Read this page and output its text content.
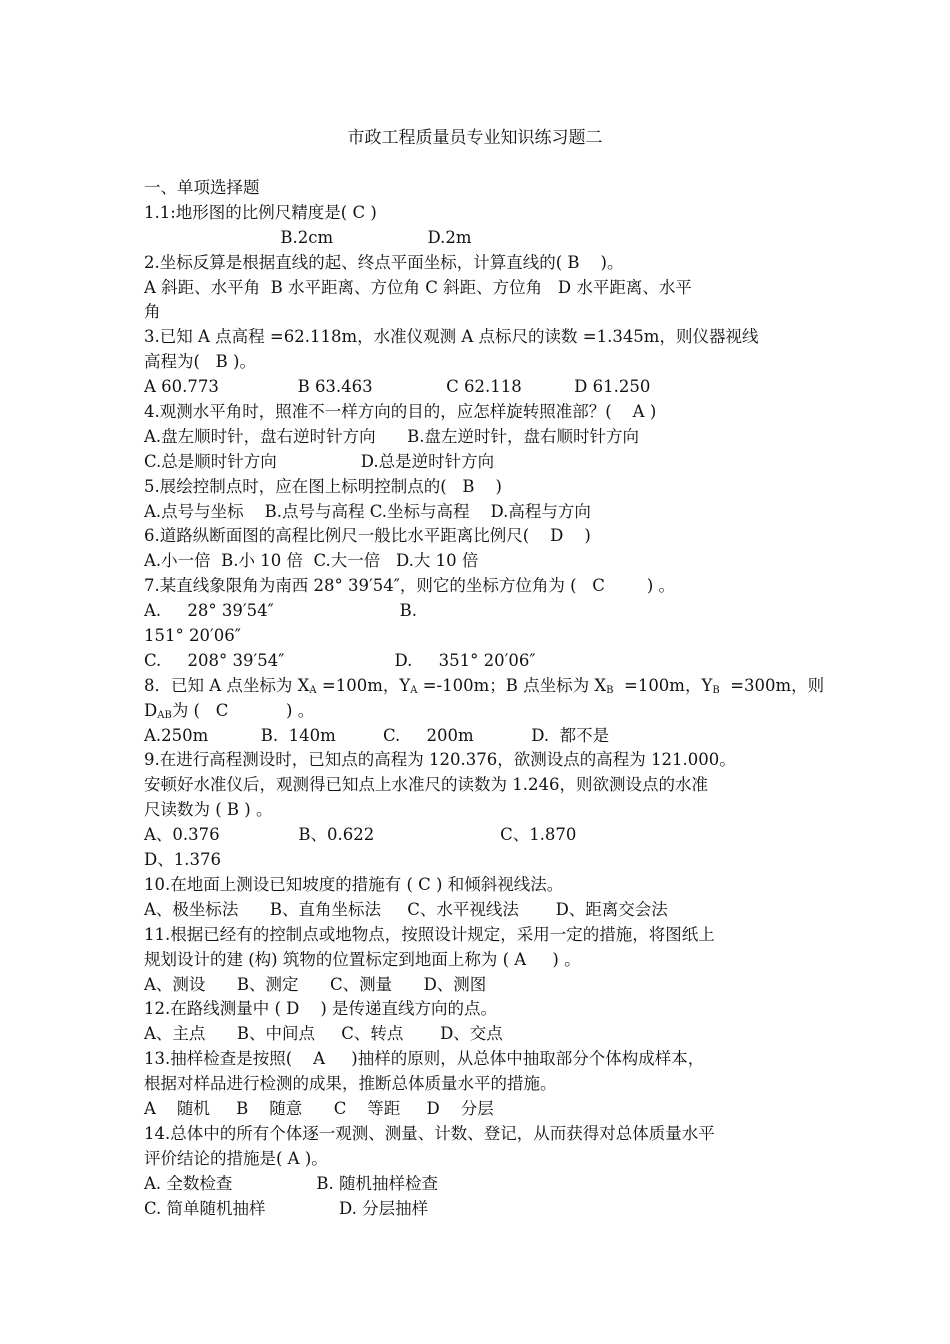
市政工程质量员专业知识练习题二
一、单项选择题
1.1:地形图的比例尺精度是( C )
B.2cm                  D.2m
2.坐标反算是根据直线的起、终点平面坐标，计算直线的( B    )。
A 斜距、水平角  B 水平距离、方位角 C 斜距、方位角   D 水平距离、水平
角
3.已知 A 点高程 =62.118m，水准仪观测 A 点标尺的读数 =1.345m，则仪器视线
高程为(   B )。
A 60.773               B 63.463              C 62.118          D 61.250
4.观测水平角时，照准不一样方向的目的，应怎样旋转照准部？(    A )
A.盘左顺时针，盘右逆时针方向      B.盘左逆时针，盘右顺时针方向
C.总是顺时针方向                D.总是逆时针方向
5.展绘控制点时，应在图上标明控制点的(   B    )
A.点号与坐标    B.点号与高程 C.坐标与高程    D.高程与方向
6.道路纵断面图的高程比例尺一般比水平距离比例尺(    D    )
A.小一倍  B.小 10 倍  C.大一倍   D.大 10 倍
7.某直线象限角为南西 28° 39′54″，则它的坐标方位角为 (   C        ) 。
A.     28° 39′54″                        B.
151° 20′06″
C.     208° 39′54″                     D.     351° 20′06″
8．已知 A 点坐标为 $X_A =100m$，$Y_A =-100m$；B 点坐标为 $X_B =100m$，$Y_B =300m$，则
$D_{AB}$为 (   C           ) 。
A.250m          B.  140m         C.     200m           D.  都不是
9.在进行高程测设时，已知点的高程为 120.376，欲测设点的高程为 121.000。
安顿好水准仪后，观测得已知点上水准尺的读数为 1.246，则欲测设点的水准
尺读数为 ( B ) 。
A、0.376               B、0.622                        C、1.870
D、1.376
10.在地面上测设已知坡度的措施有 ( C ) 和倾斜视线法。
A、极坐标法      B、直角坐标法     C、水平视线法       D、距离交会法
11.根据已经有的控制点或地物点，按照设计规定，采用一定的措施，将图纸上
规划设计的建 (构) 筑物的位置标定到地面上称为 ( A     ) 。
A、测设      B、测定      C、测量      D、测图
12.在路线测量中 ( D    ) 是传递直线方向的点。
A、主点      B、中间点     C、转点       D、交点
13.抽样检查是按照(    A     )抽样的原则，从总体中抽取部分个体构成样本，
根据对样品进行检测的成果，推断总体质量水平的措施。
A    随机     B    随意      C    等距     D    分层
14.总体中的所有个体逐一观测、测量、计数、登记，从而获得对总体质量水平
评价结论的措施是( A )。
A. 全数检查                B. 随机抽样检查
C. 简单随机抽样              D. 分层抽样
